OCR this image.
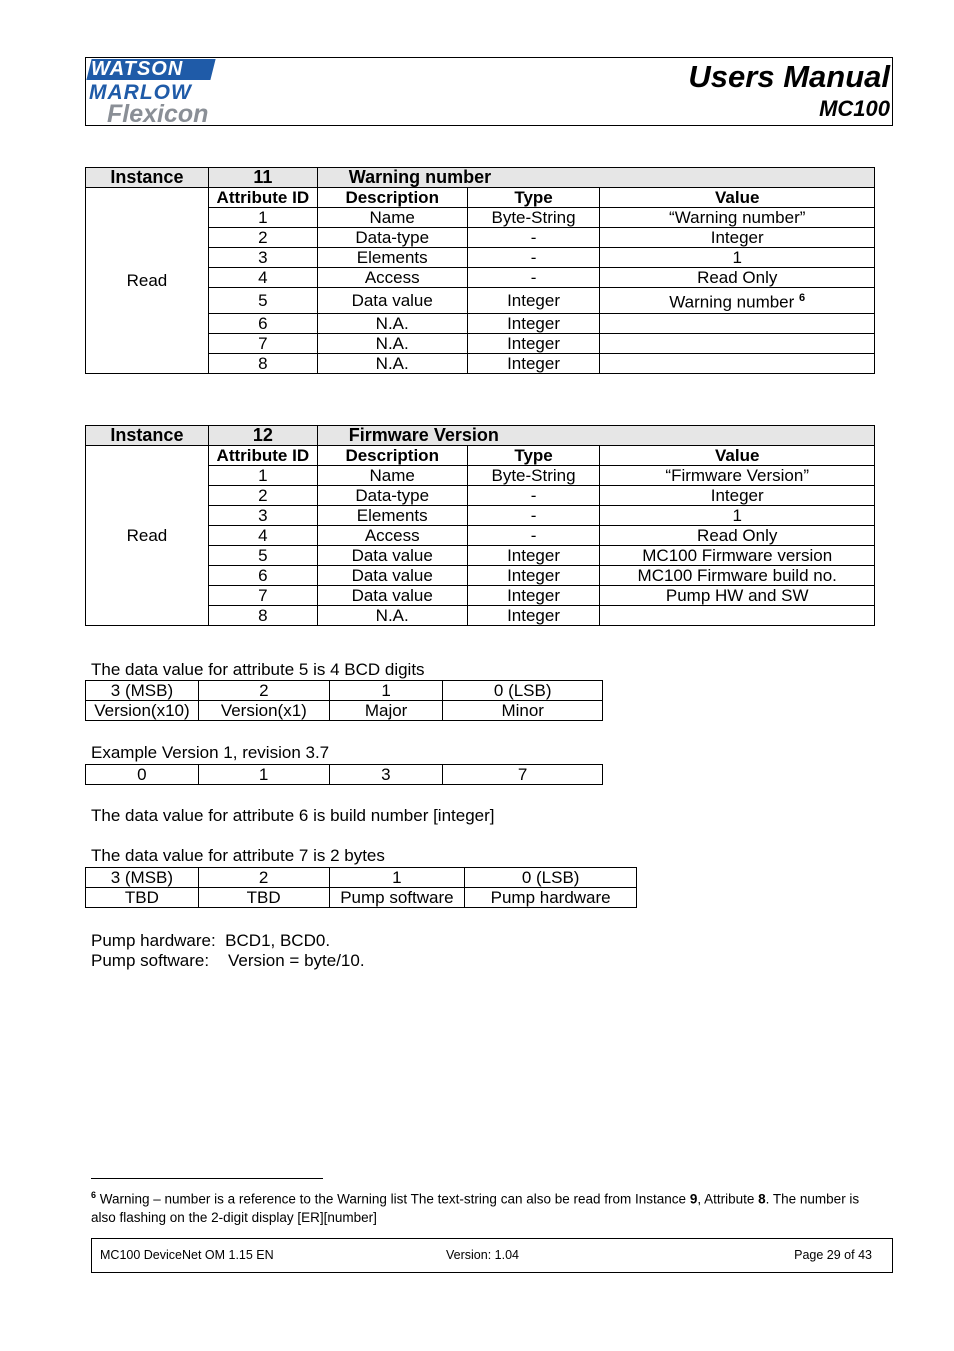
WATSON
MARLOW
Flexicon
Users Manual
MC100
Instance	11	Warning number		
Read	Attribute ID	Description	Type	Value
	1	Name	Byte-String	“Warning number”
	2	Data-type	-	Integer
	3	Elements	-	1
	4	Access	-	Read Only
	5	Data value	Integer	Warning number $^6$
	6	N.A.	Integer	
	7	N.A.	Integer	
	8	N.A.	Integer	
Instance	12	Firmware Version		
Read	Attribute ID	Description	Type	Value
	1	Name	Byte-String	“Firmware Version”
	2	Data-type	-	Integer
	3	Elements	-	1
	4	Access	-	Read Only
	5	Data value	Integer	MC100 Firmware version
	6	Data value	Integer	MC100 Firmware build no.
	7	Data value	Integer	Pump HW and SW
	8	N.A.	Integer	
The data value for attribute 5 is 4 BCD digits
3 (MSB)	2	1	0 (LSB)
Version(x10)	Version(x1)	Major	Minor
Example Version 1, revision 3.7
0	1	3	7
The data value for attribute 6 is build number [integer]
The data value for attribute 7 is 2 bytes
3 (MSB)	2	1	0 (LSB)
TBD	TBD	Pump software	Pump hardware
Pump hardware:  BCD1, BCD0.
Pump software:    Version = byte/10.
$^6$ Warning – number is a reference to the Warning list The text-string can also be read from Instance 9, Attribute 8. The number is also flashing on the 2-digit display [ER][number]
MC100 DeviceNet OM 1.15 EN	Version: 1.04	Page 29 of 43
